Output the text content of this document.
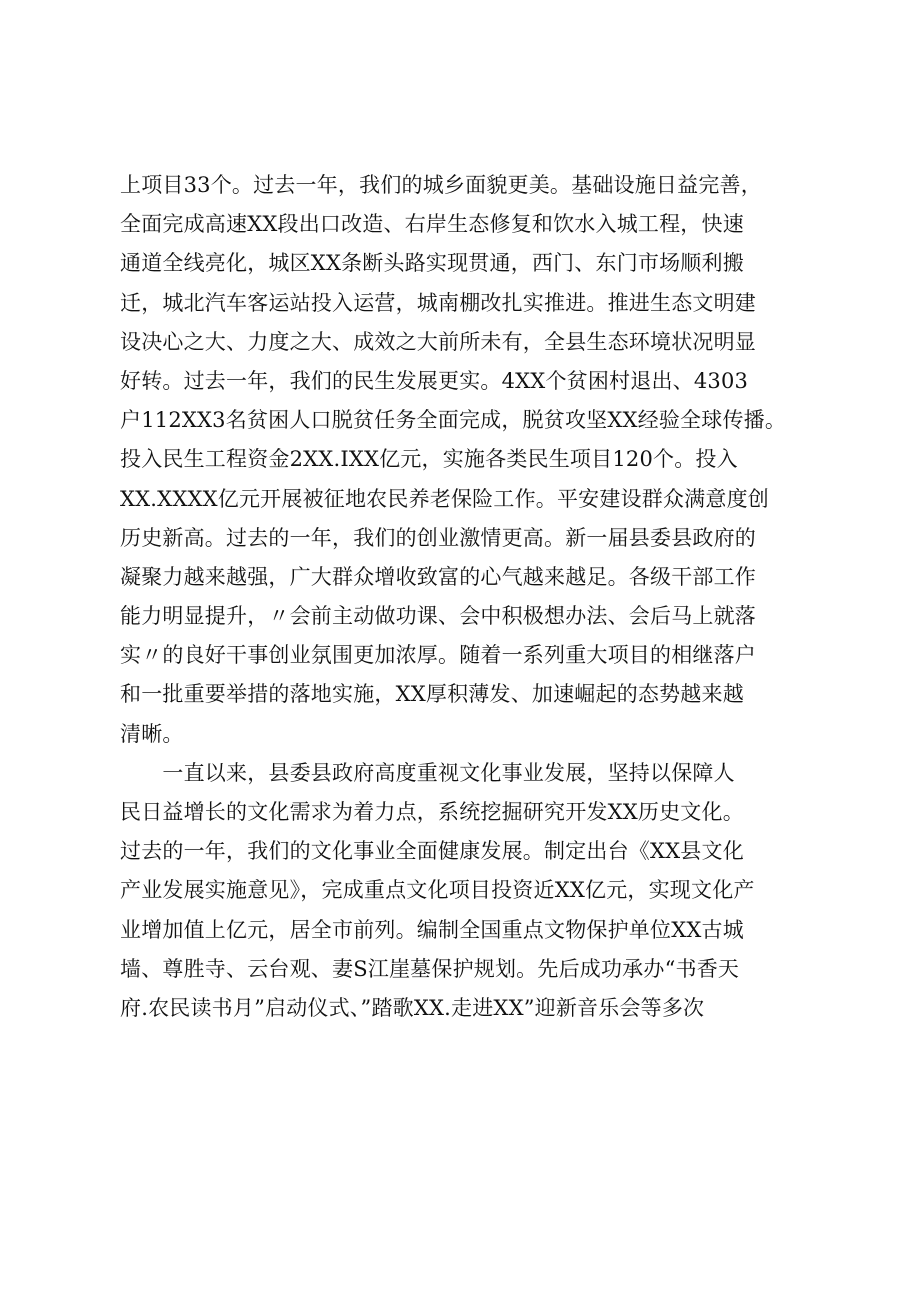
上项目33个。过去一年，我们的城乡面貌更美。基础设施日益完善，
全面完成高速XX段出口改造、右岸生态修复和饮水入城工程，快速
通道全线亮化，城区XX条断头路实现贯通，西门、东门市场顺利搬
迁，城北汽车客运站投入运营，城南棚改扎实推进。推进生态文明建
设决心之大、力度之大、成效之大前所未有，全县生态环境状况明显
好转。过去一年，我们的民生发展更实。4XX个贫困村退出、4303
户112XX3名贫困人口脱贫任务全面完成，脱贫攻坚XX经验全球传播。
投入民生工程资金2XX.IXX亿元，实施各类民生项目120个。投入
XX.XXXX亿元开展被征地农民养老保险工作。平安建设群众满意度创
历史新高。过去的一年，我们的创业激情更高。新一届县委县政府的
凝聚力越来越强，广大群众增收致富的心气越来越足。各级干部工作
能力明显提升，〃会前主动做功课、会中积极想办法、会后马上就落
实〃的良好干事创业氛围更加浓厚。随着一系列重大项目的相继落户
和一批重要举措的落地实施，XX厚积薄发、加速崛起的态势越来越
清晰。
　　一直以来，县委县政府高度重视文化事业发展，坚持以保障人
民日益增长的文化需求为着力点，系统挖掘研究开发XX历史文化。
过去的一年，我们的文化事业全面健康发展。制定出台《XX县文化
产业发展实施意见》，完成重点文化项目投资近XX亿元，实现文化产
业增加值上亿元，居全市前列。编制全国重点文物保护单位XX古城
墙、尊胜寺、云台观、妻S江崖墓保护规划。先后成功承办“书香天
府.农民读书月”启动仪式、”踏歌XX.走进XX”迎新音乐会等多次
